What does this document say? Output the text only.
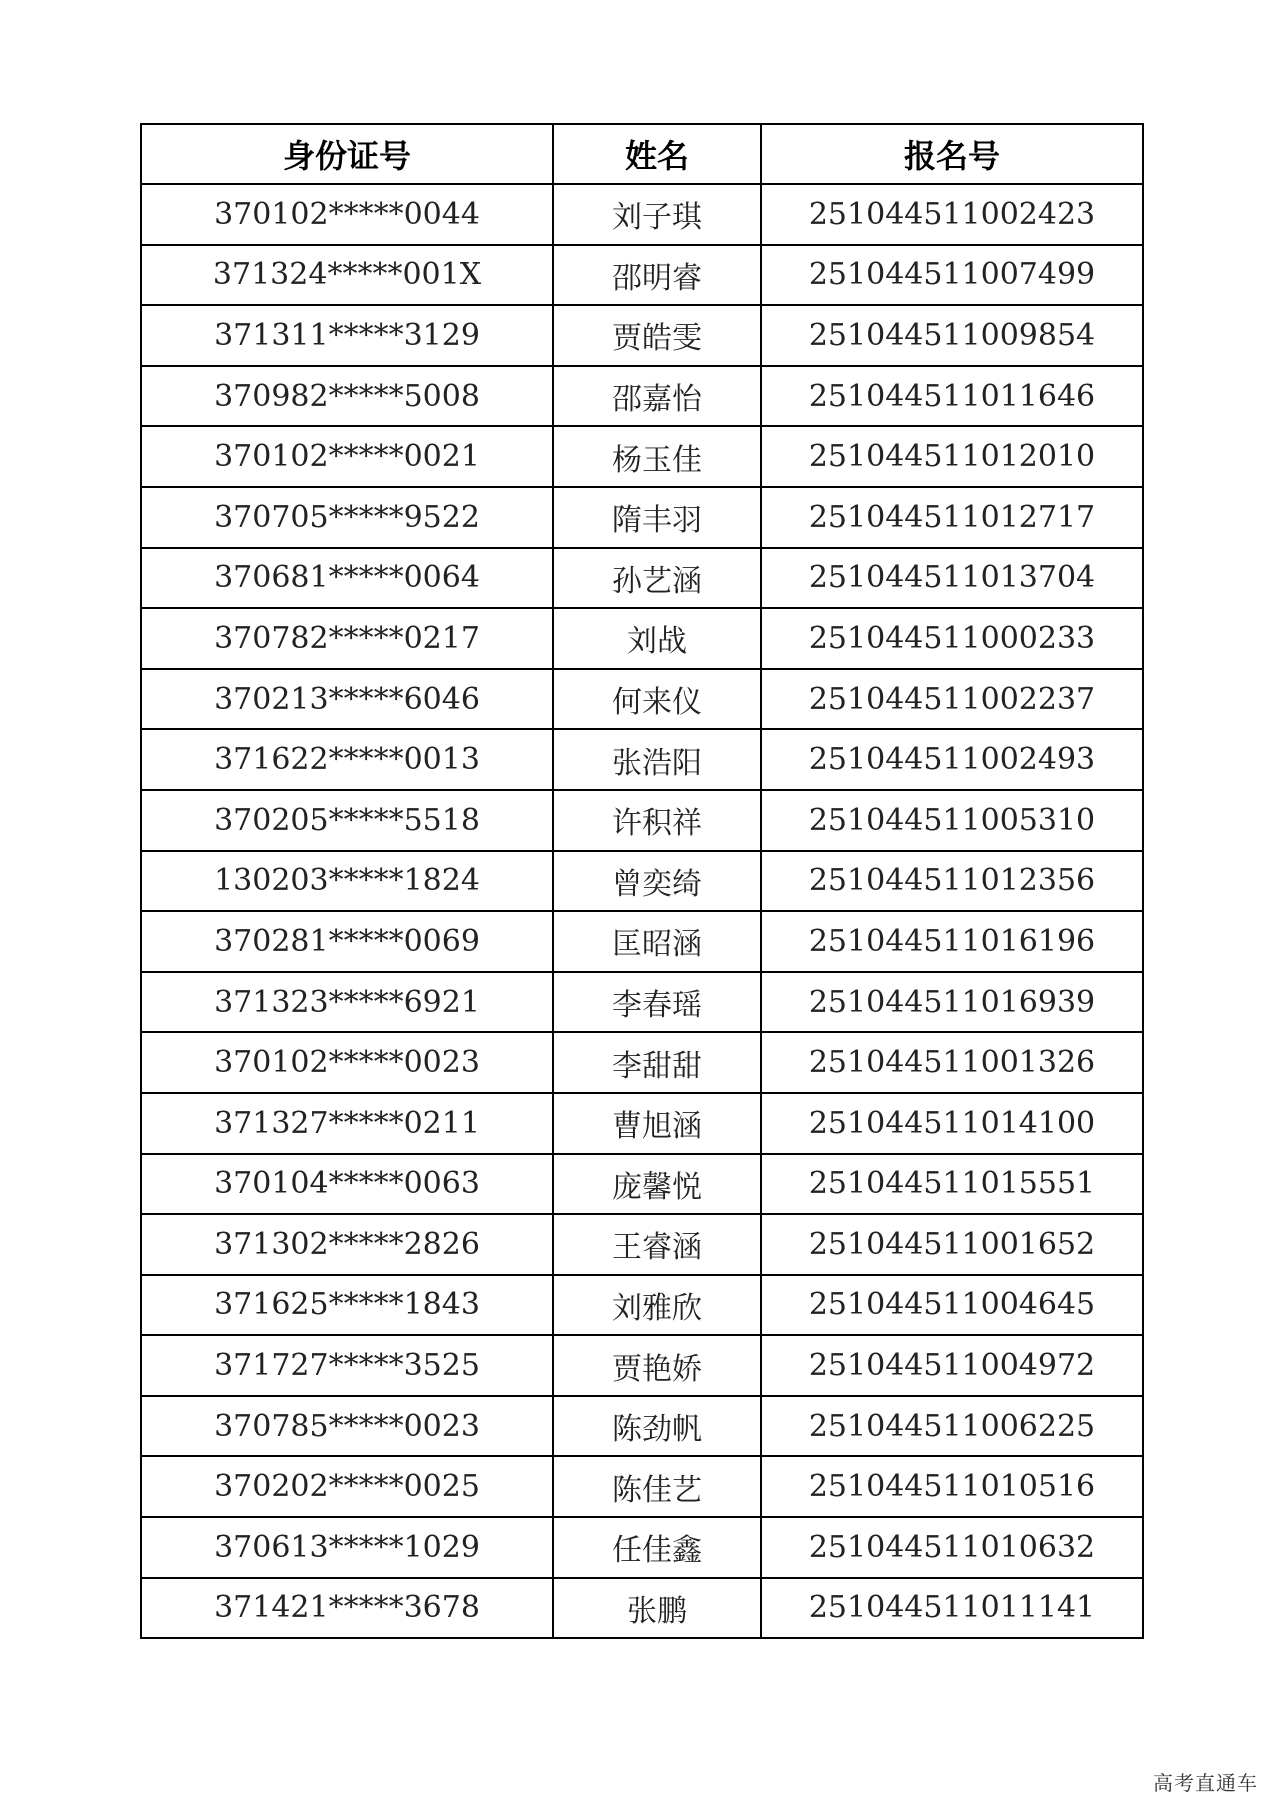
身份证号	姓名	报名号
370102*****0044	刘子琪	251044511002423
371324*****001X	邵明睿	251044511007499
371311*****3129	贾皓雯	251044511009854
370982*****5008	邵嘉怡	251044511011646
370102*****0021	杨玉佳	251044511012010
370705*****9522	隋丰羽	251044511012717
370681*****0064	孙艺涵	251044511013704
370782*****0217	刘战	251044511000233
370213*****6046	何来仪	251044511002237
371622*****0013	张浩阳	251044511002493
370205*****5518	许积祥	251044511005310
130203*****1824	曾奕绮	251044511012356
370281*****0069	匡昭涵	251044511016196
371323*****6921	李春瑶	251044511016939
370102*****0023	李甜甜	251044511001326
371327*****0211	曹旭涵	251044511014100
370104*****0063	庞馨悦	251044511015551
371302*****2826	王睿涵	251044511001652
371625*****1843	刘雅欣	251044511004645
371727*****3525	贾艳娇	251044511004972
370785*****0023	陈劲帆	251044511006225
370202*****0025	陈佳艺	251044511010516
370613*****1029	任佳鑫	251044511010632
371421*****3678	张鹏	251044511011141
高考直通车
